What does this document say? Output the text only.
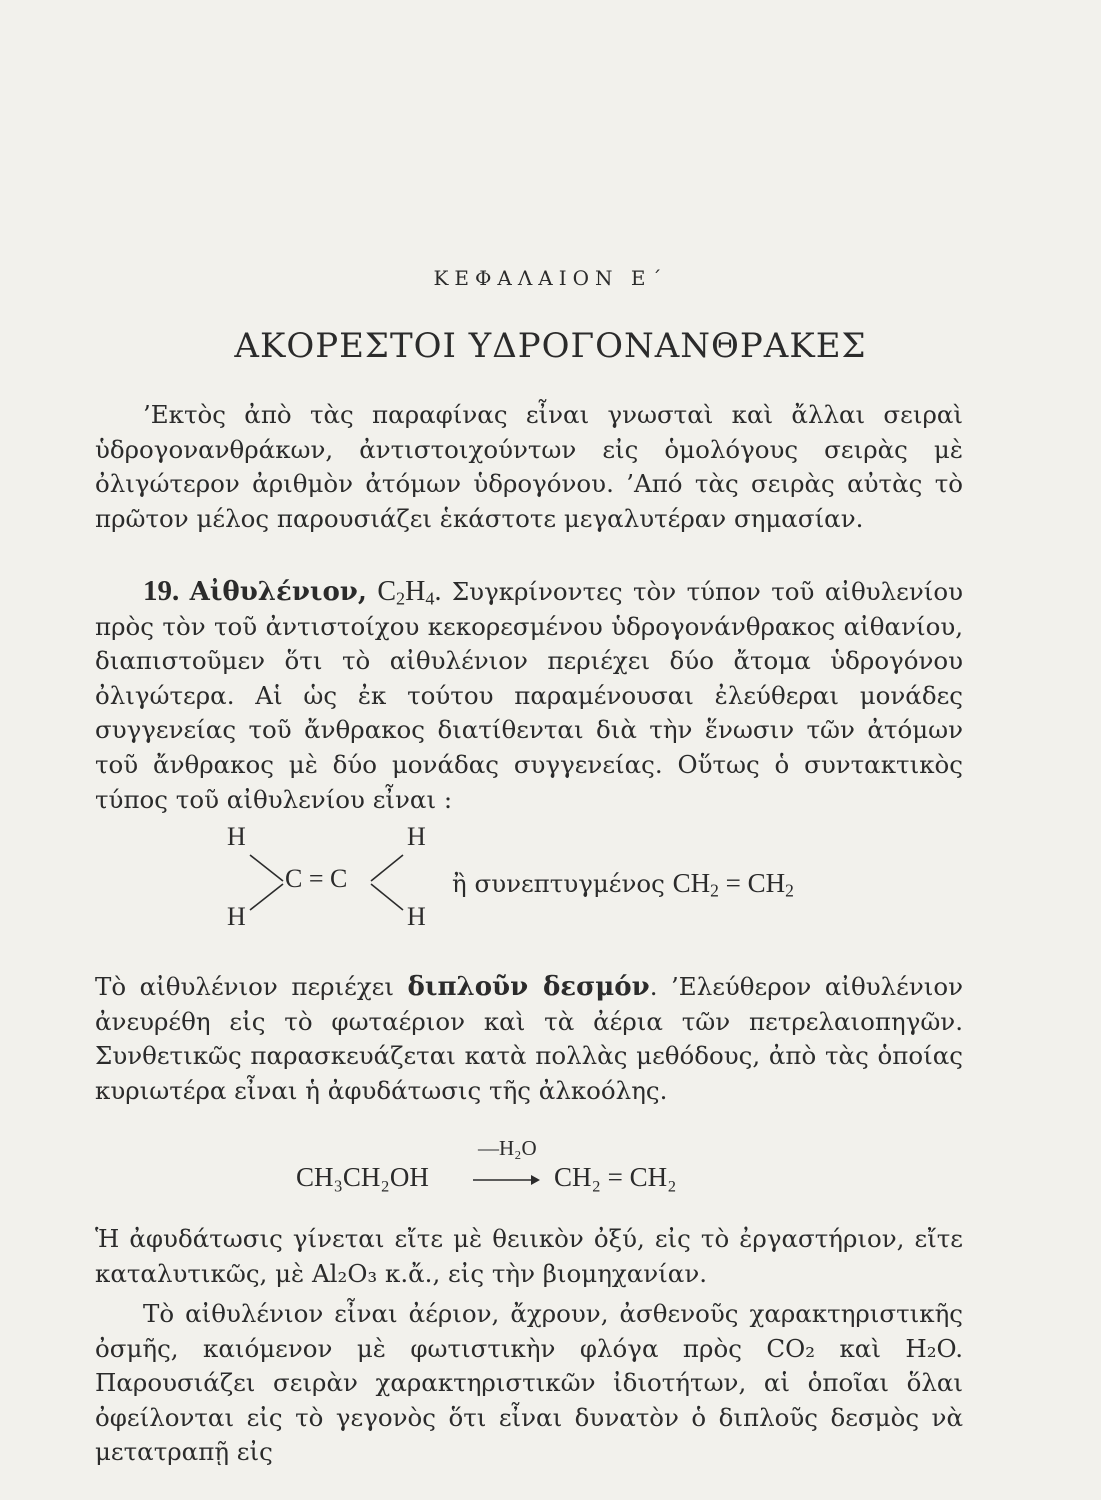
ΚΕΦΑΛΑΙΟΝ Ε΄
ΑΚΟΡΕΣΤΟΙ ΥΔΡΟΓΟΝΑΝΘΡΑΚΕΣ
’Εκτὸς ἀπὸ τὰς παραφίνας εἶναι γνωσταὶ καὶ ἄλλαι σειραὶ ὑδρογονανθράκων, ἀντιστοιχούντων εἰς ὁμολόγους σειρὰς μὲ ὀλιγώτερον ἀριθμὸν ἀτόμων ὑδρογόνου. ’Από τὰς σειρὰς αὐτὰς τὸ πρῶτον μέλος παρουσιάζει ἑκάστοτε μεγαλυτέραν σημασίαν.
19. Αἰθυλένιον, $C_2H_4$. Συγκρίνοντες τὸν τύπον τοῦ αἰθυλενίου πρὸς τὸν τοῦ ἀντιστοίχου κεκορεσμένου ὑδρογονάνθρακος αἰθανίου, διαπιστοῦμεν ὅτι τὸ αἰθυλένιον περιέχει δύο ἄτομα ὑδρογόνου ὀλιγώτερα. Αἱ ὡς ἐκ τούτου παραμένουσαι ἐλεύθεραι μονάδες συγγενείας τοῦ ἄνθρακος διατίθενται διὰ τὴν ἕνωσιν τῶν ἀτόμων τοῦ ἄνθρακος μὲ δύο μονάδας συγγενείας. Οὕτως ὁ συντακτικὸς τύπος τοῦ αἰθυλενίου εἶναι :
H	H
H	H
C = C	ἢ συνεπτυγμένος $CH_2 = CH_2$
Τὸ αἰθυλένιον περιέχει διπλοῦν δεσμόν. ’Ελεύθερον αἰθυλένιον ἀνευρέθη εἰς τὸ φωταέριον καὶ τὰ ἀέρια τῶν πετρελαιοπηγῶν. Συνθετικῶς παρασκευάζεται κατὰ πολλὰς μεθόδους, ἀπὸ τὰς ὁποίας κυριωτέρα εἶναι ἡ ἀφυδάτωσις τῆς ἀλκοόλης.
CH₃CH₂OH
—H₂O
→ CH₂ = CH₂
Ἡ ἀφυδάτωσις γίνεται εἴτε μὲ θειικὸν ὀξύ, εἰς τὸ ἐργαστήριον, εἴτε καταλυτικῶς, μὲ Al₂O₃ κ.ἄ., εἰς τὴν βιομηχανίαν.
Τὸ αἰθυλένιον εἶναι ἀέριον, ἄχρουν, ἀσθενοῦς χαρακτηριστικῆς ὀσμῆς, καιόμενον μὲ φωτιστικὴν φλόγα πρὸς CO₂ καὶ H₂O. Παρουσιάζει σειρὰν χαρακτηριστικῶν ἰδιοτήτων, αἱ ὁποῖαι ὅλαι ὀφείλονται εἰς τὸ γεγονὸς ὅτι εἶναι δυνατὸν ὁ διπλοῦς δεσμὸς νὰ μετατραπῇ εἰς
